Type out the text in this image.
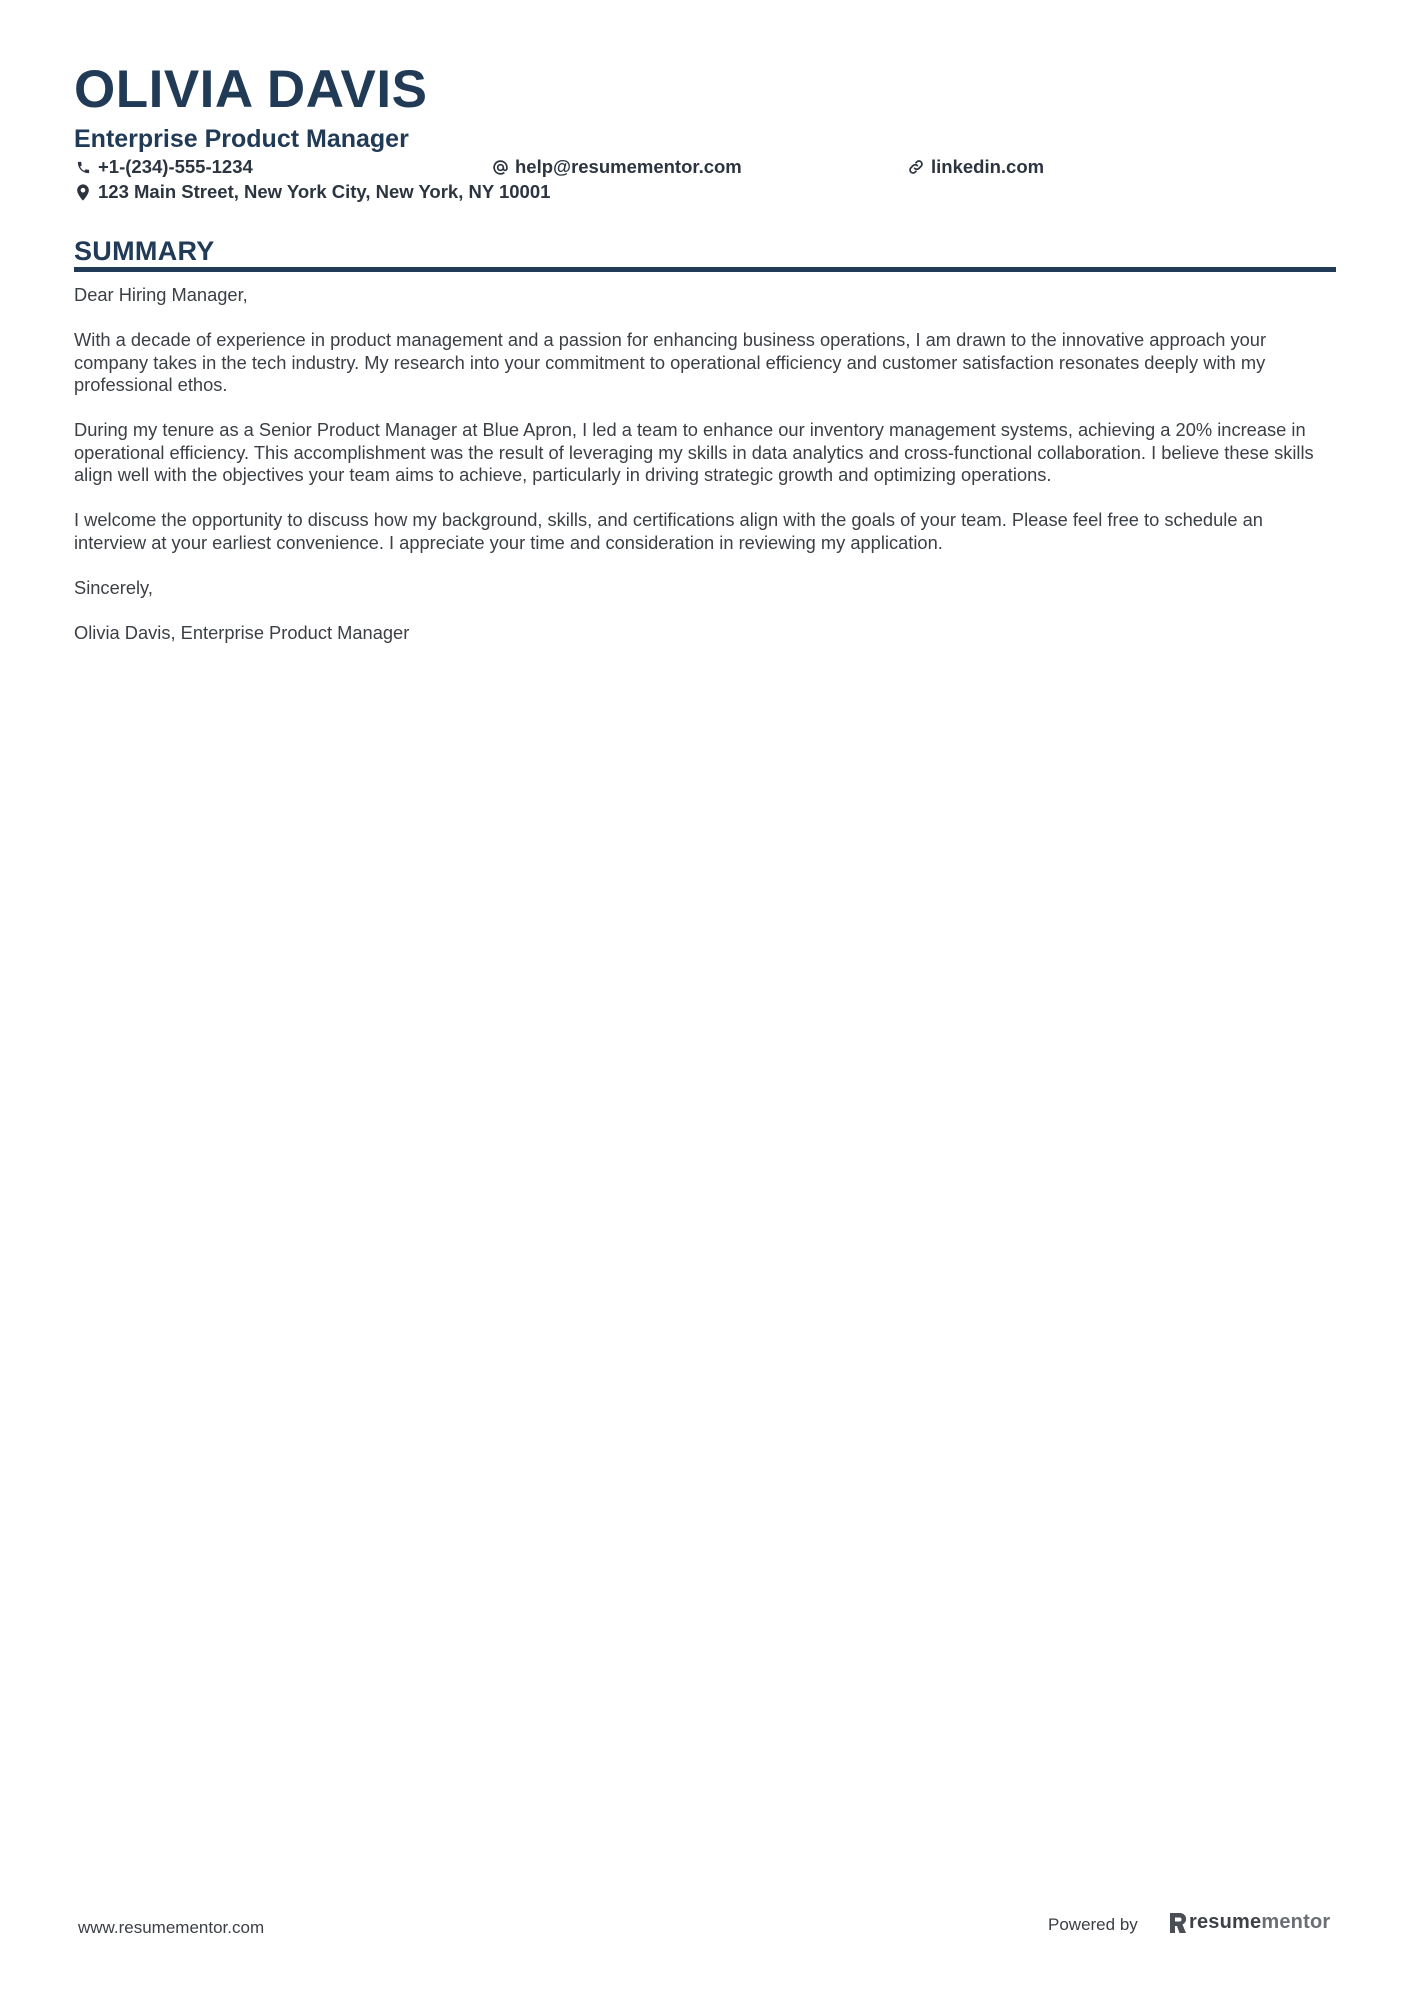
OLIVIA DAVIS
Enterprise Product Manager
+1-(234)-555-1234	help@resumementor.com	linkedin.com
123 Main Street, New York City, New York, NY 10001
SUMMARY

Dear Hiring Manager,

With a decade of experience in product management and a passion for enhancing business operations, I am drawn to the innovative approach your company takes in the tech industry. My research into your commitment to operational efficiency and customer satisfaction resonates deeply with my professional ethos.

During my tenure as a Senior Product Manager at Blue Apron, I led a team to enhance our inventory management systems, achieving a 20% increase in operational efficiency. This accomplishment was the result of leveraging my skills in data analytics and cross-functional collaboration. I believe these skills align well with the objectives your team aims to achieve, particularly in driving strategic growth and optimizing operations.

I welcome the opportunity to discuss how my background, skills, and certifications align with the goals of your team. Please feel free to schedule an interview at your earliest convenience. I appreciate your time and consideration in reviewing my application.

Sincerely,

Olivia Davis, Enterprise Product Manager

www.resumementor.com	Powered by	resume mentor
